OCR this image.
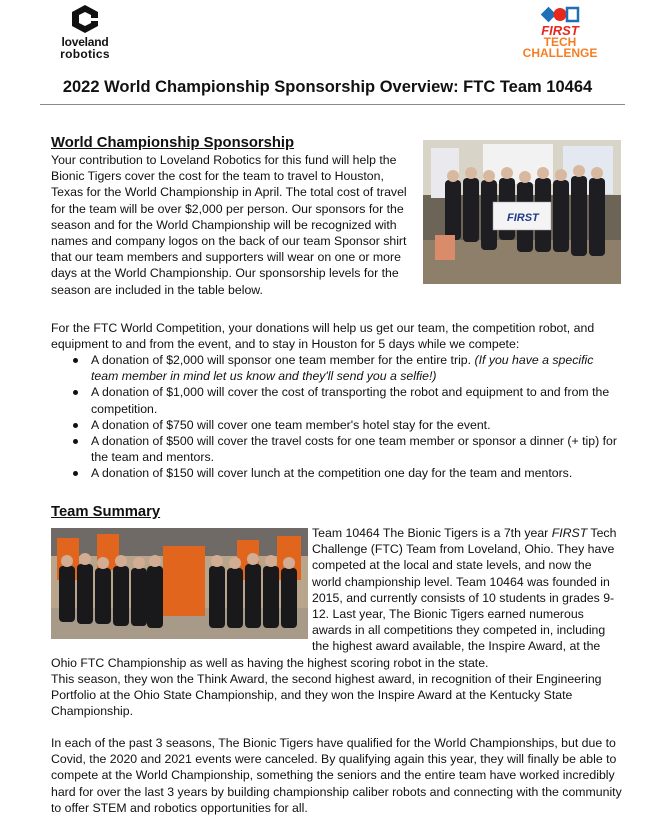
loveland
robotics
FIRST
TECH
CHALLENGE
2022 World Championship Sponsorship Overview: FTC Team 10464
World Championship Sponsorship

Your contribution to Loveland Robotics for this fund will help the Bionic Tigers cover the cost for the team to travel to Houston, Texas for the World Championship in April. The total cost of travel for the team will be over $2,000 per person. Our sponsors for the season and for the World Championship will be recognized with names and company logos on the back of our team Sponsor shirt that our team members and supporters will wear on one or more days at the World Championship. Our sponsorship levels for the season are included in the table below.

FIRST

For the FTC World Competition, your donations will help us get our team, the competition robot, and equipment to and from the event, and to stay in Houston for 5 days while we compete:

A donation of $2,000 will sponsor one team member for the entire trip. (If you have a specific team member in mind let us know and they'll send you a selfie!)
A donation of $1,000 will cover the cost of transporting the robot and equipment to and from the competition.
A donation of $750 will cover one team member's hotel stay for the event.
A donation of $500 will cover the travel costs for one team member or sponsor a dinner (+ tip) for the team and mentors.
A donation of $150 will cover lunch at the competition one day for the team and mentors.
Team Summary

Team 10464 The Bionic Tigers is a 7th year FIRST Tech Challenge (FTC) Team from Loveland, Ohio. They have competed at the local and state levels, and now the world championship level. Team 10464 was founded in 2015, and currently consists of 10 students in grades 9-12. Last year, The Bionic Tigers earned numerous awards in all competitions they competed in, including the highest award available, the Inspire Award, at the Ohio FTC Championship as well as having the highest scoring robot in the state.

This season, they won the Think Award, the second highest award, in recognition of their Engineering Portfolio at the Ohio State Championship, and they won the Inspire Award at the Kentucky State Championship.

In each of the past 3 seasons, The Bionic Tigers have qualified for the World Championships, but due to Covid, the 2020 and 2021 events were canceled. By qualifying again this year, they will finally be able to compete at the World Championship, something the seniors and the entire team have worked incredibly hard for over the last 3 years by building championship caliber robots and connecting with the community to offer STEM and robotics opportunities for all.
